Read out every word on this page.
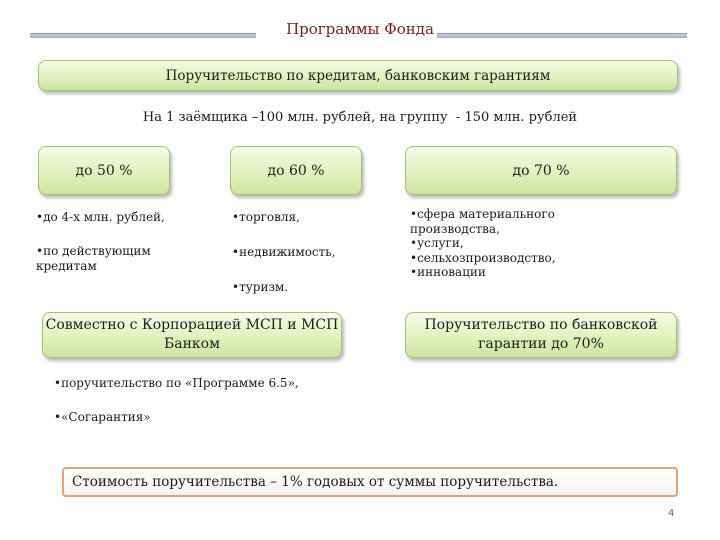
Программы Фонда
Поручительство по кредитам, банковским гарантиям
На 1 заёмщика –100 млн. рублей, на группу  - 150 млн. рублей
до 50 %	до 60 %	до 70 %
•до 4-х млн. рублей,
•по действующим кредитам
•торговля,
•недвижимость,
•туризм.
•сфера материального производства,
•услуги,
•сельхозпроизводство,
•инновации
Совместно с Корпорацией МСП и МСП Банком
Поручительство по банковской гарантии до 70%
•поручительство по «Программе 6.5»,
•«Согарантия»
Стоимость поручительства – 1% годовых от суммы поручительства.
4
